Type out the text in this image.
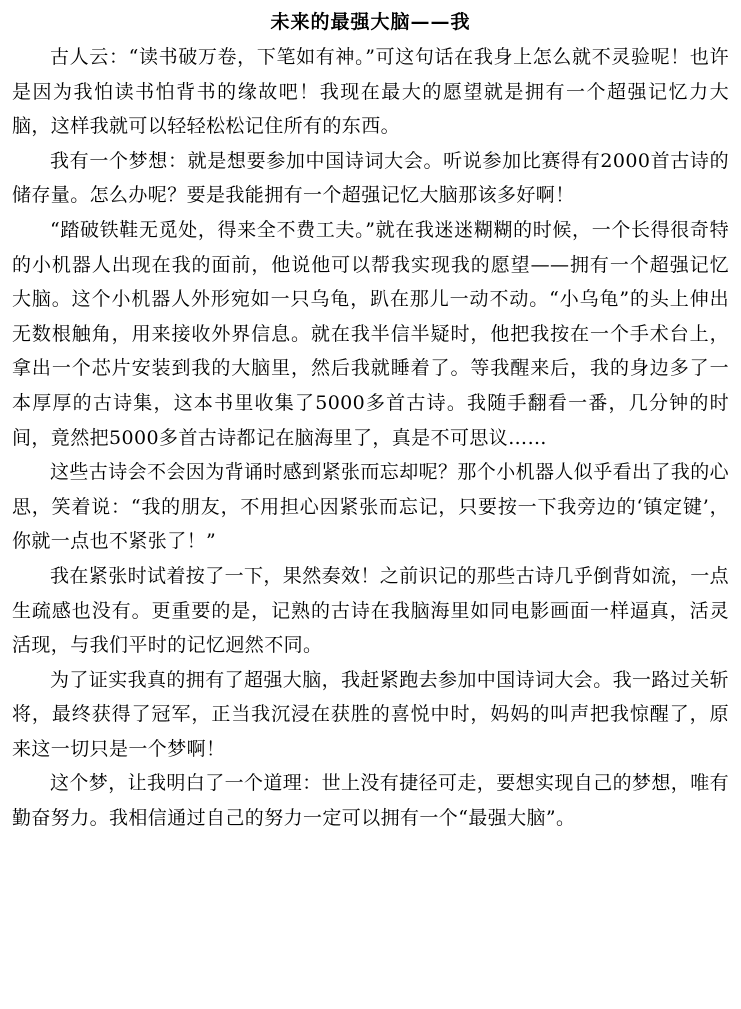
未来的最强大脑——我

古人云：“读书破万卷，下笔如有神。”可这句话在我身上怎么就不灵验呢！也许是因为我怕读书怕背书的缘故吧！我现在最大的愿望就是拥有一个超强记忆力大脑，这样我就可以轻轻松松记住所有的东西。

我有一个梦想：就是想要参加中国诗词大会。听说参加比赛得有2000首古诗的储存量。怎么办呢？要是我能拥有一个超强记忆大脑那该多好啊！

“踏破铁鞋无觅处，得来全不费工夫。”就在我迷迷糊糊的时候，一个长得很奇特的小机器人出现在我的面前，他说他可以帮我实现我的愿望——拥有一个超强记忆大脑。这个小机器人外形宛如一只乌龟，趴在那儿一动不动。“小乌龟”的头上伸出无数根触角，用来接收外界信息。就在我半信半疑时，他把我按在一个手术台上，拿出一个芯片安装到我的大脑里，然后我就睡着了。等我醒来后，我的身边多了一本厚厚的古诗集，这本书里收集了5000多首古诗。我随手翻看一番，几分钟的时间，竟然把5000多首古诗都记在脑海里了，真是不可思议……

这些古诗会不会因为背诵时感到紧张而忘却呢？那个小机器人似乎看出了我的心思，笑着说：“我的朋友，不用担心因紧张而忘记，只要按一下我旁边的‘镇定键’，你就一点也不紧张了！”

我在紧张时试着按了一下，果然奏效！之前识记的那些古诗几乎倒背如流，一点生疏感也没有。更重要的是，记熟的古诗在我脑海里如同电影画面一样逼真，活灵活现，与我们平时的记忆迥然不同。

为了证实我真的拥有了超强大脑，我赶紧跑去参加中国诗词大会。我一路过关斩将，最终获得了冠军，正当我沉浸在获胜的喜悦中时，妈妈的叫声把我惊醒了，原来这一切只是一个梦啊！

这个梦，让我明白了一个道理：世上没有捷径可走，要想实现自己的梦想，唯有勤奋努力。我相信通过自己的努力一定可以拥有一个“最强大脑”。
